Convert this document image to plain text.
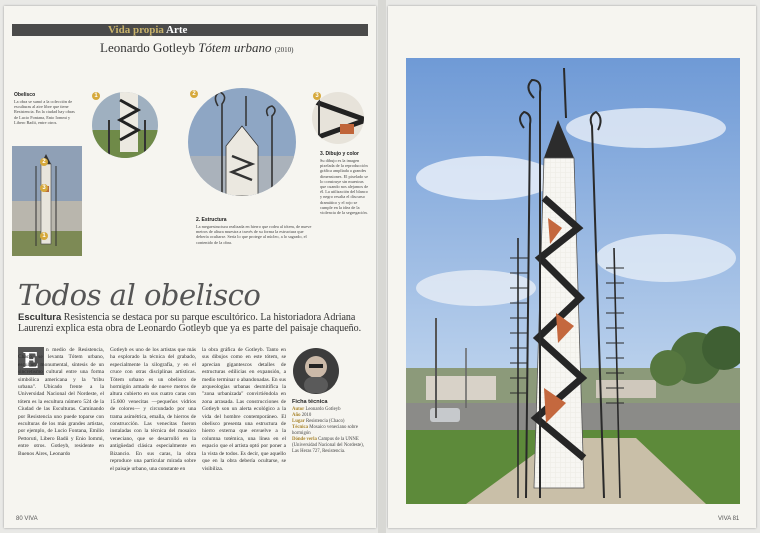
Vida propia Arte
Leonardo Gotleyb Tótem urbano (2010)
Obelisco
La obra se sumó a la colección de esculturas al aire libre que tiene Resistencia. En la ciudad hay obras de Lucio Fontana, Enio Iommi y Libero Badii, entre otros.
2
3
1
1	2	3
2. Estructura
La megaestructura realizada en hierro que rodea al tótem, de nueve metros de altura muestra a través de su forma la estructura que debería ocultarse. Sería lo que protege al núcleo, a lo sagrado, el contenido de la obra.
3. Dibujo y color
Su dibujo es la imagen pixelada de la reproducción gráfica ampliada a grandes dimensiones. El pixelado se lo construye sin muestras que cuando nos alejamos de él. La utilización del blanco y negro resalta el discurso dramático y el rojo se cumple en la idea de la violencia de la segregación.
Todos al obelisco
Escultura Resistencia se destaca por su parque escultórico. La historiadora Adriana Laurenzi explica esta obra de Leonardo Gotleyb que ya es parte del paisaje chaqueño.
E	n medio de Resistencia, Chaco, se levanta Tótem urbano, escultura monumental, síntesis de un sincretismo cultural entre una forma simbólica americana y la "tribu urbana". Ubicado frente a la Universidad Nacional del Nordeste, el tótem es la escultura número 524 de la Ciudad de las Esculturas. Caminando por Resistencia uno puede toparse con esculturas de los más grandes artistas, por ejemplo, de Lucio Fontana, Emilio Pettoruti, Libero Badii y Enio Iommi, entre otros. Gotleyb, residente en Buenos Aires, Leonardo
Gotleyb es uno de los artistas que más ha explorado la técnica del grabado, especialmente la xilografía, y en el cruce con otras disciplinas artísticas. Tótem urbano es un obelisco de hormigón armado de nueve metros de altura cubierto en sus cuatro caras con 15.600 venecitas —pequeños vidrios de colores— y circundado por una trama asimétrica, emalla, de hierros de construcción. Las venecitas fueron instaladas con la técnica del mosaico veneciano, que se desarrolló en la antigüedad clásica especialmente en Bizancio. En sus caras, la obra reproduce una particular mirada sobre el paisaje urbano, una constante en
la obra gráfica de Gotleyb. Tanto en sus dibujos como en este tótem, se aprecian gigantescos detalles de estructuras edilicias en expansión, a medio terminar o abandonadas. En sus arqueologías urbanas desmitifica la "zona urbanizada" convirtiéndola en zona arrasada. Las construcciones de Gotleyb son un alerta ecológico a la vida del hombre contemporáneo. El obelisco presenta una estructura de hierro externa que envuelve a la columna totémica, una línea en el espacio que el artista optó por poner a la vista de todos. Es decir, que aquello que en la obra debería ocultarse, se visibiliza.
Ficha técnica
Autor Leonardo Gotleyb
Año 2010
Lugar Resistencia (Chaco)
Técnica Mosaico veneciano sobre hormigón
Dónde verla Campus de la UNNE (Universidad Nacional del Nordeste), Las Heras 727, Resistencia.
80 VIVA	VIVA 81
